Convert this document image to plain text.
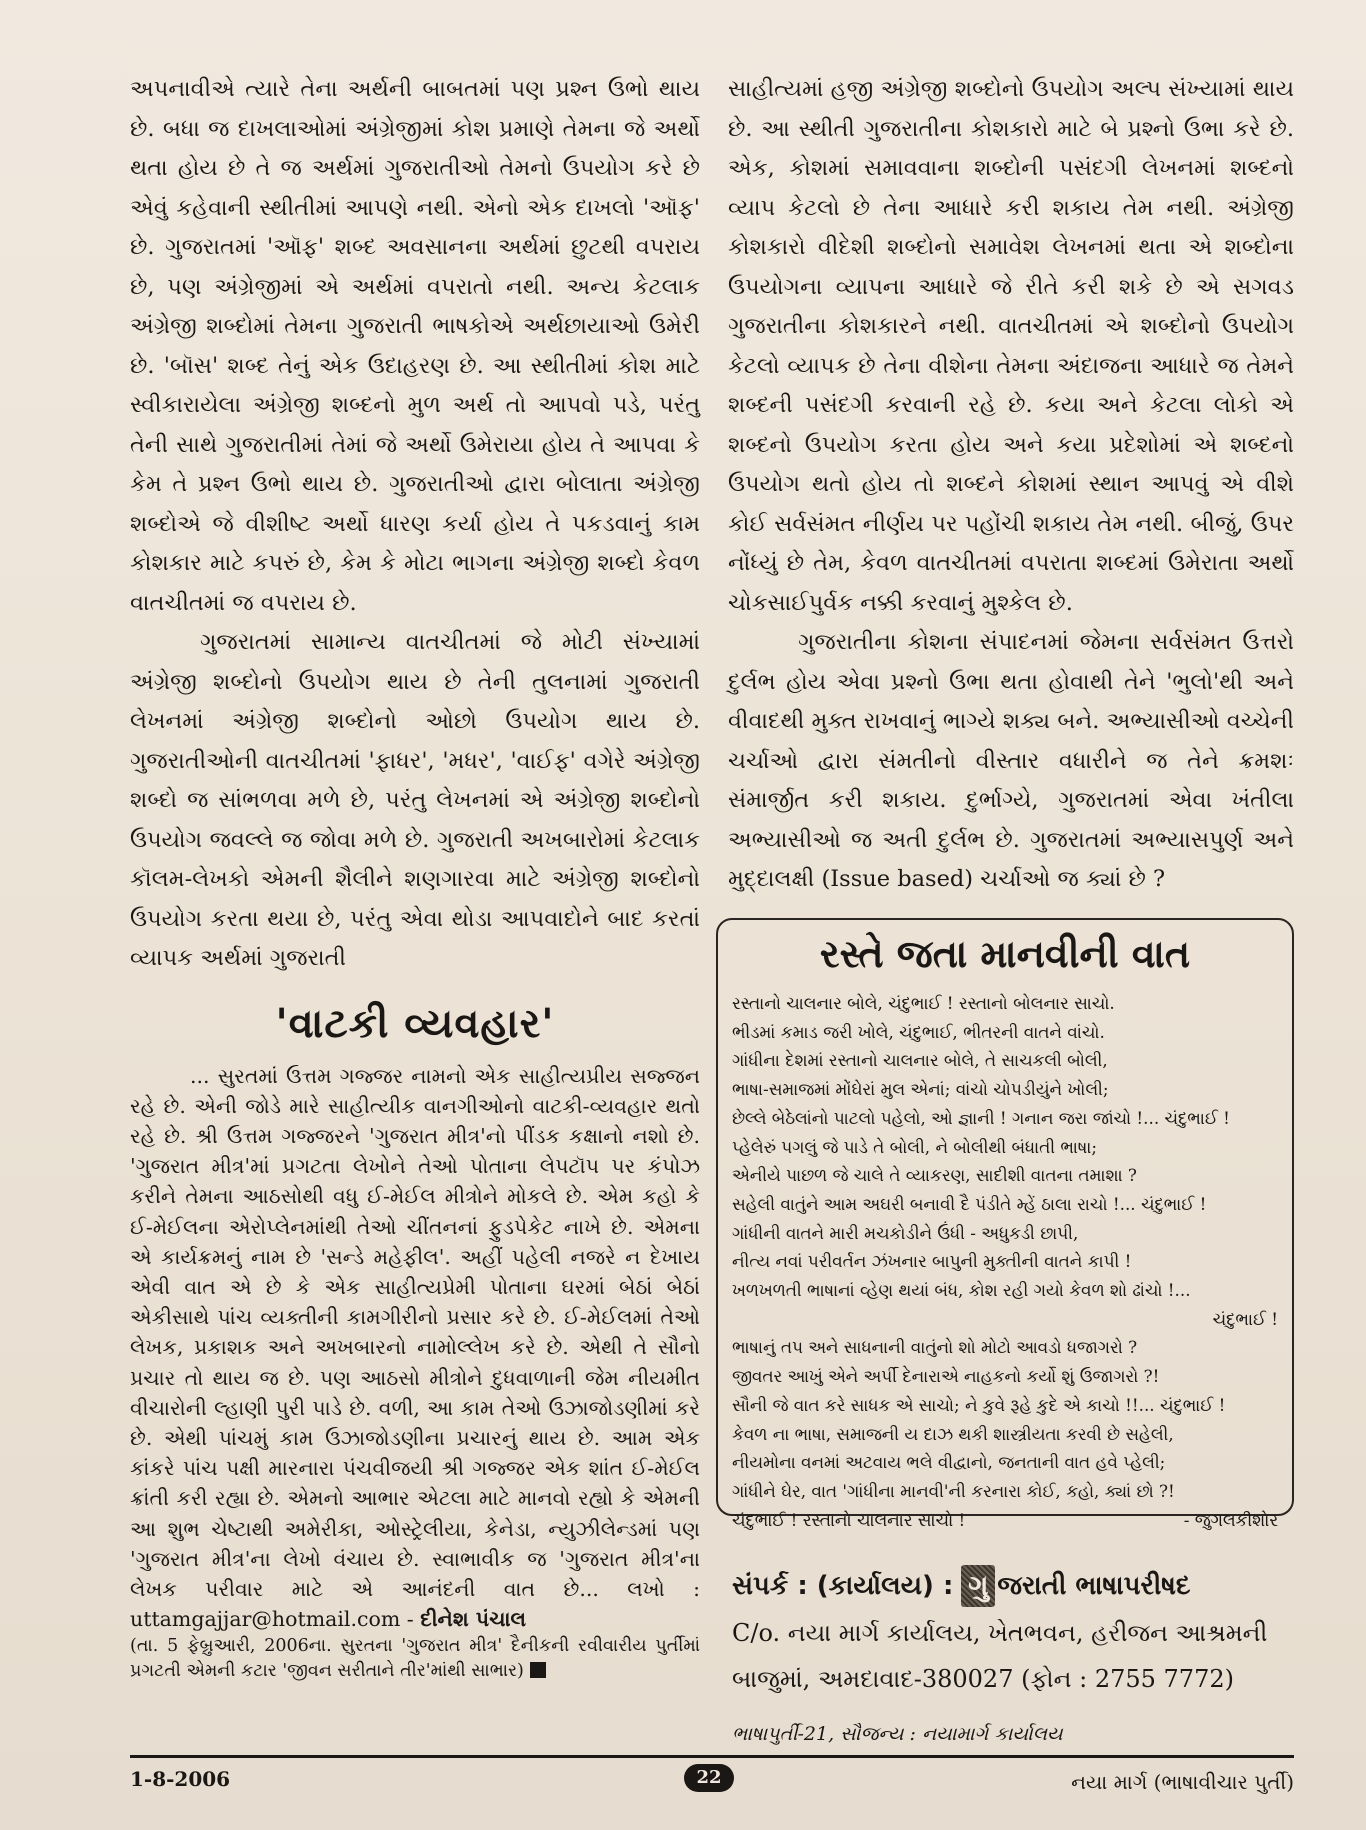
અપનાવીએ ત્યારે તેના અર્થની બાબતમાં પણ પ્રશ્ન ઉભો થાય છે. બધા જ દાખલાઓમાં અંગ્રેજીમાં કોશ પ્રમાણે તેમના જે અર્થો થતા હોય છે તે જ અર્થમાં ગુજરાતીઓ તેમનો ઉપયોગ કરે છે એવું કહેવાની સ્થીતીમાં આપણે નથી. એનો એક દાખલો 'ઑફ' છે. ગુજરાતમાં 'ઑફ' શબ્દ અવસાનના અર્થમાં છુટથી વપરાય છે, પણ અંગ્રેજીમાં એ અર્થમાં વપરાતો નથી. અન્ય કેટલાક અંગ્રેજી શબ્દોમાં તેમના ગુજરાતી ભાષકોએ અર્થછાયાઓ ઉમેરી છે. 'બૉસ' શબ્દ તેનું એક ઉદાહરણ છે. આ સ્થીતીમાં કોશ માટે સ્વીકારાયેલા અંગ્રેજી શબ્દનો મુળ અર્થ તો આપવો પડે, પરંતુ તેની સાથે ગુજરાતીમાં તેમાં જે અર્થો ઉમેરાયા હોય તે આપવા કે કેમ તે પ્રશ્ન ઉભો થાય છે. ગુજરાતીઓ દ્વારા બોલાતા અંગ્રેજી શબ્દોએ જે વીશીષ્ટ અર્થો ધારણ કર્યા હોય તે પકડવાનું કામ કોશકાર માટે કપરું છે, કેમ કે મોટા ભાગના અંગ્રેજી શબ્દો કેવળ વાતચીતમાં જ વપરાય છે.

ગુજરાતમાં સામાન્ય વાતચીતમાં જે મોટી સંખ્યામાં અંગ્રેજી શબ્દોનો ઉપયોગ થાય છે તેની તુલનામાં ગુજરાતી લેખનમાં અંગ્રેજી શબ્દોનો ઓછો ઉપયોગ થાય છે. ગુજરાતીઓની વાતચીતમાં 'ફાધર', 'મધર', 'વાઈફ' વગેરે અંગ્રેજી શબ્દો જ સાંભળવા મળે છે, પરંતુ લેખનમાં એ અંગ્રેજી શબ્દોનો ઉપયોગ જવલ્લે જ જોવા મળે છે. ગુજરાતી અખબારોમાં કેટલાક કૉલમ-લેખકો એમની શૈલીને શણગારવા માટે અંગ્રેજી શબ્દોનો ઉપયોગ કરતા થયા છે, પરંતુ એવા થોડા આપવાદોને બાદ કરતાં વ્યાપક અર્થમાં ગુજરાતી

'વાટકી વ્યવહાર'

... સુરતમાં ઉત્તમ ગજ્જર નામનો એક સાહીત્યપ્રીય સજ્જન રહે છે. એની જોડે મારે સાહીત્યીક વાનગીઓનો વાટકી-વ્યવહાર થતો રહે છે. શ્રી ઉત્તમ ગજ્જરને 'ગુજરાત મીત્ર'નો પીંડક કક્ષાનો નશો છે. 'ગુજરાત મીત્ર'માં પ્રગટતા લેખોને તેઓ પોતાના લેપટૉપ પર કંપોઝ કરીને તેમના આઠસોથી વધુ ઈ-મેઈલ મીત્રોને મોકલે છે. એમ કહો કે ઈ-મેઈલના એરોપ્લેનમાંથી તેઓ ચીંતનનાં ફુડપેકેટ નાખે છે. એમના એ કાર્યક્રમનું નામ છે 'સન્ડે મહેફીલ'. અહીં પહેલી નજરે ન દેખાય એવી વાત એ છે કે એક સાહીત્યપ્રેમી પોતાના ઘરમાં બેઠાં બેઠાં એકીસાથે પાંચ વ્યક્તીની કામગીરીનો પ્રસાર કરે છે. ઈ-મેઈલમાં તેઓ લેખક, પ્રકાશક અને અખબારનો નામોલ્લેખ કરે છે. એથી તે સૌનો પ્રચાર તો થાય જ છે. પણ આઠસો મીત્રોને દુધવાળાની જેમ નીયમીત વીચારોની લ્હાણી પુરી પાડે છે. વળી, આ કામ તેઓ ઉઝાજોડણીમાં કરે છે. એથી પાંચમું કામ ઉઝાજોડણીના પ્રચારનું થાય છે. આમ એક કાંકરે પાંચ પક્ષી મારનારા પંચવીજયી શ્રી ગજ્જર એક શાંત ઈ-મેઈલ ક્રાંતી કરી રહ્યા છે. એમનો આભાર એટલા માટે માનવો રહ્યો કે એમની આ શુભ ચેષ્ટાથી અમેરીકા, ઓસ્ટ્રેલીયા, કેનેડા, ન્યુઝીલેન્ડમાં પણ 'ગુજરાત મીત્ર'ના લેખો વંચાય છે. સ્વાભાવીક જ 'ગુજરાત મીત્ર'ના લેખક પરીવાર માટે એ આનંદની વાત છે... લખો : uttamgajjar@hotmail.com - દીનેશ પંચાલ

(તા. 5 ફેબ્રુઆરી, 2006ના. સુરતના 'ગુજરાત મીત્ર' દૈનીકની રવીવારીય પુર્તીમાં પ્રગટતી એમની કટાર 'જીવન સરીતાને તીર'માંથી સાભાર)

સાહીત્યમાં હજી અંગ્રેજી શબ્દોનો ઉપયોગ અલ્પ સંખ્યામાં થાય છે. આ સ્થીતી ગુજરાતીના કોશકારો માટે બે પ્રશ્નો ઉભા કરે છે. એક, કોશમાં સમાવવાના શબ્દોની પસંદગી લેખનમાં શબ્દનો વ્યાપ કેટલો છે તેના આધારે કરી શકાય તેમ નથી. અંગ્રેજી કોશકારો વીદેશી શબ્દોનો સમાવેશ લેખનમાં થતા એ શબ્દોના ઉપયોગના વ્યાપના આધારે જે રીતે કરી શકે છે એ સગવડ ગુજરાતીના કોશકારને નથી. વાતચીતમાં એ શબ્દોનો ઉપયોગ કેટલો વ્યાપક છે તેના વીશેના તેમના અંદાજના આધારે જ તેમને શબ્દની પસંદગી કરવાની રહે છે. કયા અને કેટલા લોકો એ શબ્દનો ઉપયોગ કરતા હોય અને કયા પ્રદેશોમાં એ શબ્દનો ઉપયોગ થતો હોય તો શબ્દને કોશમાં સ્થાન આપવું એ વીશે કોઈ સર્વસંમત નીર્ણય પર પહોંચી શકાય તેમ નથી. બીજું, ઉપર નોંધ્યું છે તેમ, કેવળ વાતચીતમાં વપરાતા શબ્દમાં ઉમેરાતા અર્થો ચોકસાઈપુર્વક નક્કી કરવાનું મુશ્કેલ છે.

ગુજરાતીના કોશના સંપાદનમાં જેમના સર્વસંમત ઉત્તરો દુર્લભ હોય એવા પ્રશ્નો ઉભા થતા હોવાથી તેને 'ભુલો'થી અને વીવાદથી મુક્ત રાખવાનું ભાગ્યે શક્ય બને. અભ્યાસીઓ વચ્ચેની ચર્ચાઓ દ્વારા સંમતીનો વીસ્તાર વધારીને જ તેને ક્રમશઃ સંમાર્જીત કરી શકાય. દુર્ભાગ્યે, ગુજરાતમાં એવા ખંતીલા અભ્યાસીઓ જ અતી દુર્લભ છે. ગુજરાતમાં અભ્યાસપુર્ણ અને મુદ્દાલક્ષી (Issue based) ચર્ચાઓ જ ક્યાં છે ?

રસ્તે જતા માનવીની વાત
રસ્તાનો ચાલનાર બોલે, ચંદુભાઈ ! રસ્તાનો બોલનાર સાચો.
ભીડમાં કમાડ જરી ખોલે, ચંદુભાઈ, ભીતરની વાતને વાંચો.
ગાંધીના દેશમાં રસ્તાનો ચાલનાર બોલે, તે સાચકલી બોલી,
ભાષા-સમાજમાં મોંઘેરાં મુલ એનાં; વાંચો ચોપડીયુંને ખોલી;
છેલ્લે બેઠેલાંનો પાટલો પહેલો, ઓ જ્ઞાની ! ગનાન જરા જાંચો !... ચંદુભાઈ !
પ્હેલેરું પગલું જે પાડે તે બોલી, ને બોલીથી બંધાતી ભાષા;
એનીયે પાછળ જે ચાલે તે વ્યાકરણ, સાદીશી વાતના તમાશા ?
સહેલી વાતુંને આમ અઘરી બનાવી દૈ પંડીતે મ્હેં ઠાલા રાચો !... ચંદુભાઈ !
ગાંધીની વાતને મારી મચકોડીને ઉંધી - અધુકડી છાપી,
નીત્ય નવાં પરીવર્તન ઝંખનાર બાપુની મુક્તીની વાતને કાપી !
ખળખળતી ભાષાનાં વ્હેણ થયાં બંધ, કોશ રહી ગયો કેવળ શો ઢાંચો !...
ચંદુભાઈ !
ભાષાનું તપ અને સાધનાની વાતુંનો શો મોટો આવડો ધજાગરો ?
જીવતર આખું એને અર્પી દેનારાએ નાહકનો કર્યો શું ઉજાગરો ?!
સૌની જે વાત કરે સાધક એ સાચો; ને કુવે રૂહે કુદે એ કાચો !!... ચંદુભાઈ !
કેવળ ના ભાષા, સમાજની ય દાઝ થકી શાસ્ત્રીયતા કરવી છે સહેલી,
નીયમોના વનમાં અટવાય ભલે વીદ્વાનો, જનતાની વાત હવે પ્હેલી;
ગાંધીને ઘેર, વાત 'ગાંધીના માનવી'ની કરનારા કોઈ, કહો, ક્યાં છો ?!
ચંદુભાઈ ! રસ્તાનો ચાલનાર સાચો !	- જુગલકીશોર
સંપર્ક : (કાર્યાલય) : ગુ જરાતી ભાષાપરીષદ
C/o. નયા માર્ગ કાર્યાલય, ખેતભવન, હરીજન આશ્રમની
બાજુમાં, અમદાવાદ-380027 (ફોન : 2755 7772)
ભાષાપુર્તી-21, સૌજન્ય : નયામાર્ગ કાર્યાલય
1-8-2006	22	નયા માર્ગ (ભાષાવીચાર પુર્તી)
